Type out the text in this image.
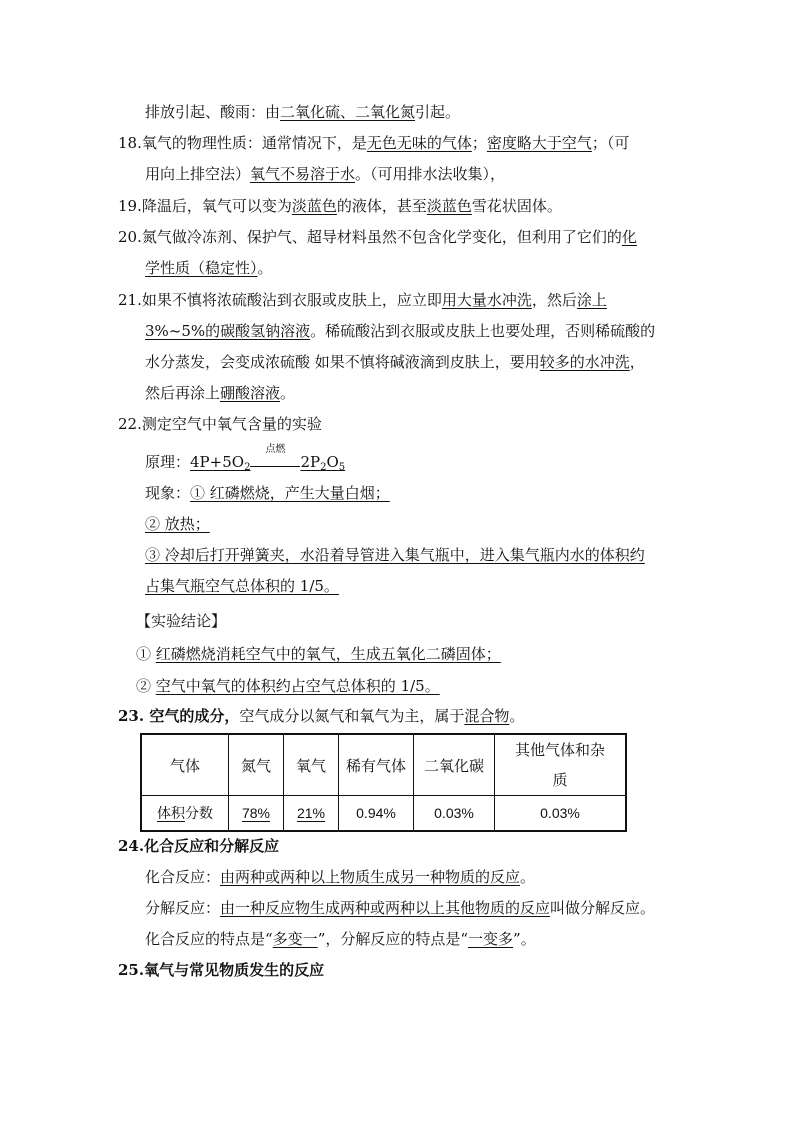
排放引起、酸雨：由二氧化硫、二氧化氮引起。
18.氧气的物理性质：通常情况下，是无色无味的气体；密度略大于空气；（可
用向上排空法）氧气不易溶于水。（可用排水法收集），
19.降温后，氧气可以变为淡蓝色的液体，甚至淡蓝色雪花状固体。
20.氮气做冷冻剂、保护气、超导材料虽然不包含化学变化，但利用了它们的化
学性质（稳定性）。
21.如果不慎将浓硫酸沾到衣服或皮肤上，应立即用大量水冲洗，然后涂上
3%~5%的碳酸氢钠溶液。稀硫酸沾到衣服或皮肤上也要处理，否则稀硫酸的
水分蒸发，会变成浓硫酸 如果不慎将碱液滴到皮肤上，要用较多的水冲洗，
然后再涂上硼酸溶液。
22.测定空气中氧气含量的实验
原理：$4P+5O_2$
点燃
$2P_2O_5$
现象：① 红磷燃烧，产生大量白烟；
② 放热；
③ 冷却后打开弹簧夹，水沿着导管进入集气瓶中，进入集气瓶内水的体积约
占集气瓶空气总体积的 1/5。
【实验结论】
① 红磷燃烧消耗空气中的氧气，生成五氧化二磷固体；
② 空气中氧气的体积约占空气总体积的 1/5。
23. 空气的成分，空气成分以氮气和氧气为主，属于混合物。
气体	氮气	氧气	稀有气体	二氧化碳	其他气体和杂
质
体积分数	78%	21%	0.94%	0.03%	0.03%
24.化合反应和分解反应
化合反应：由两种或两种以上物质生成另一种物质的反应。
分解反应：由一种反应物生成两种或两种以上其他物质的反应叫做分解反应。
化合反应的特点是“多变一”，分解反应的特点是“一变多”。
25.氧气与常见物质发生的反应
